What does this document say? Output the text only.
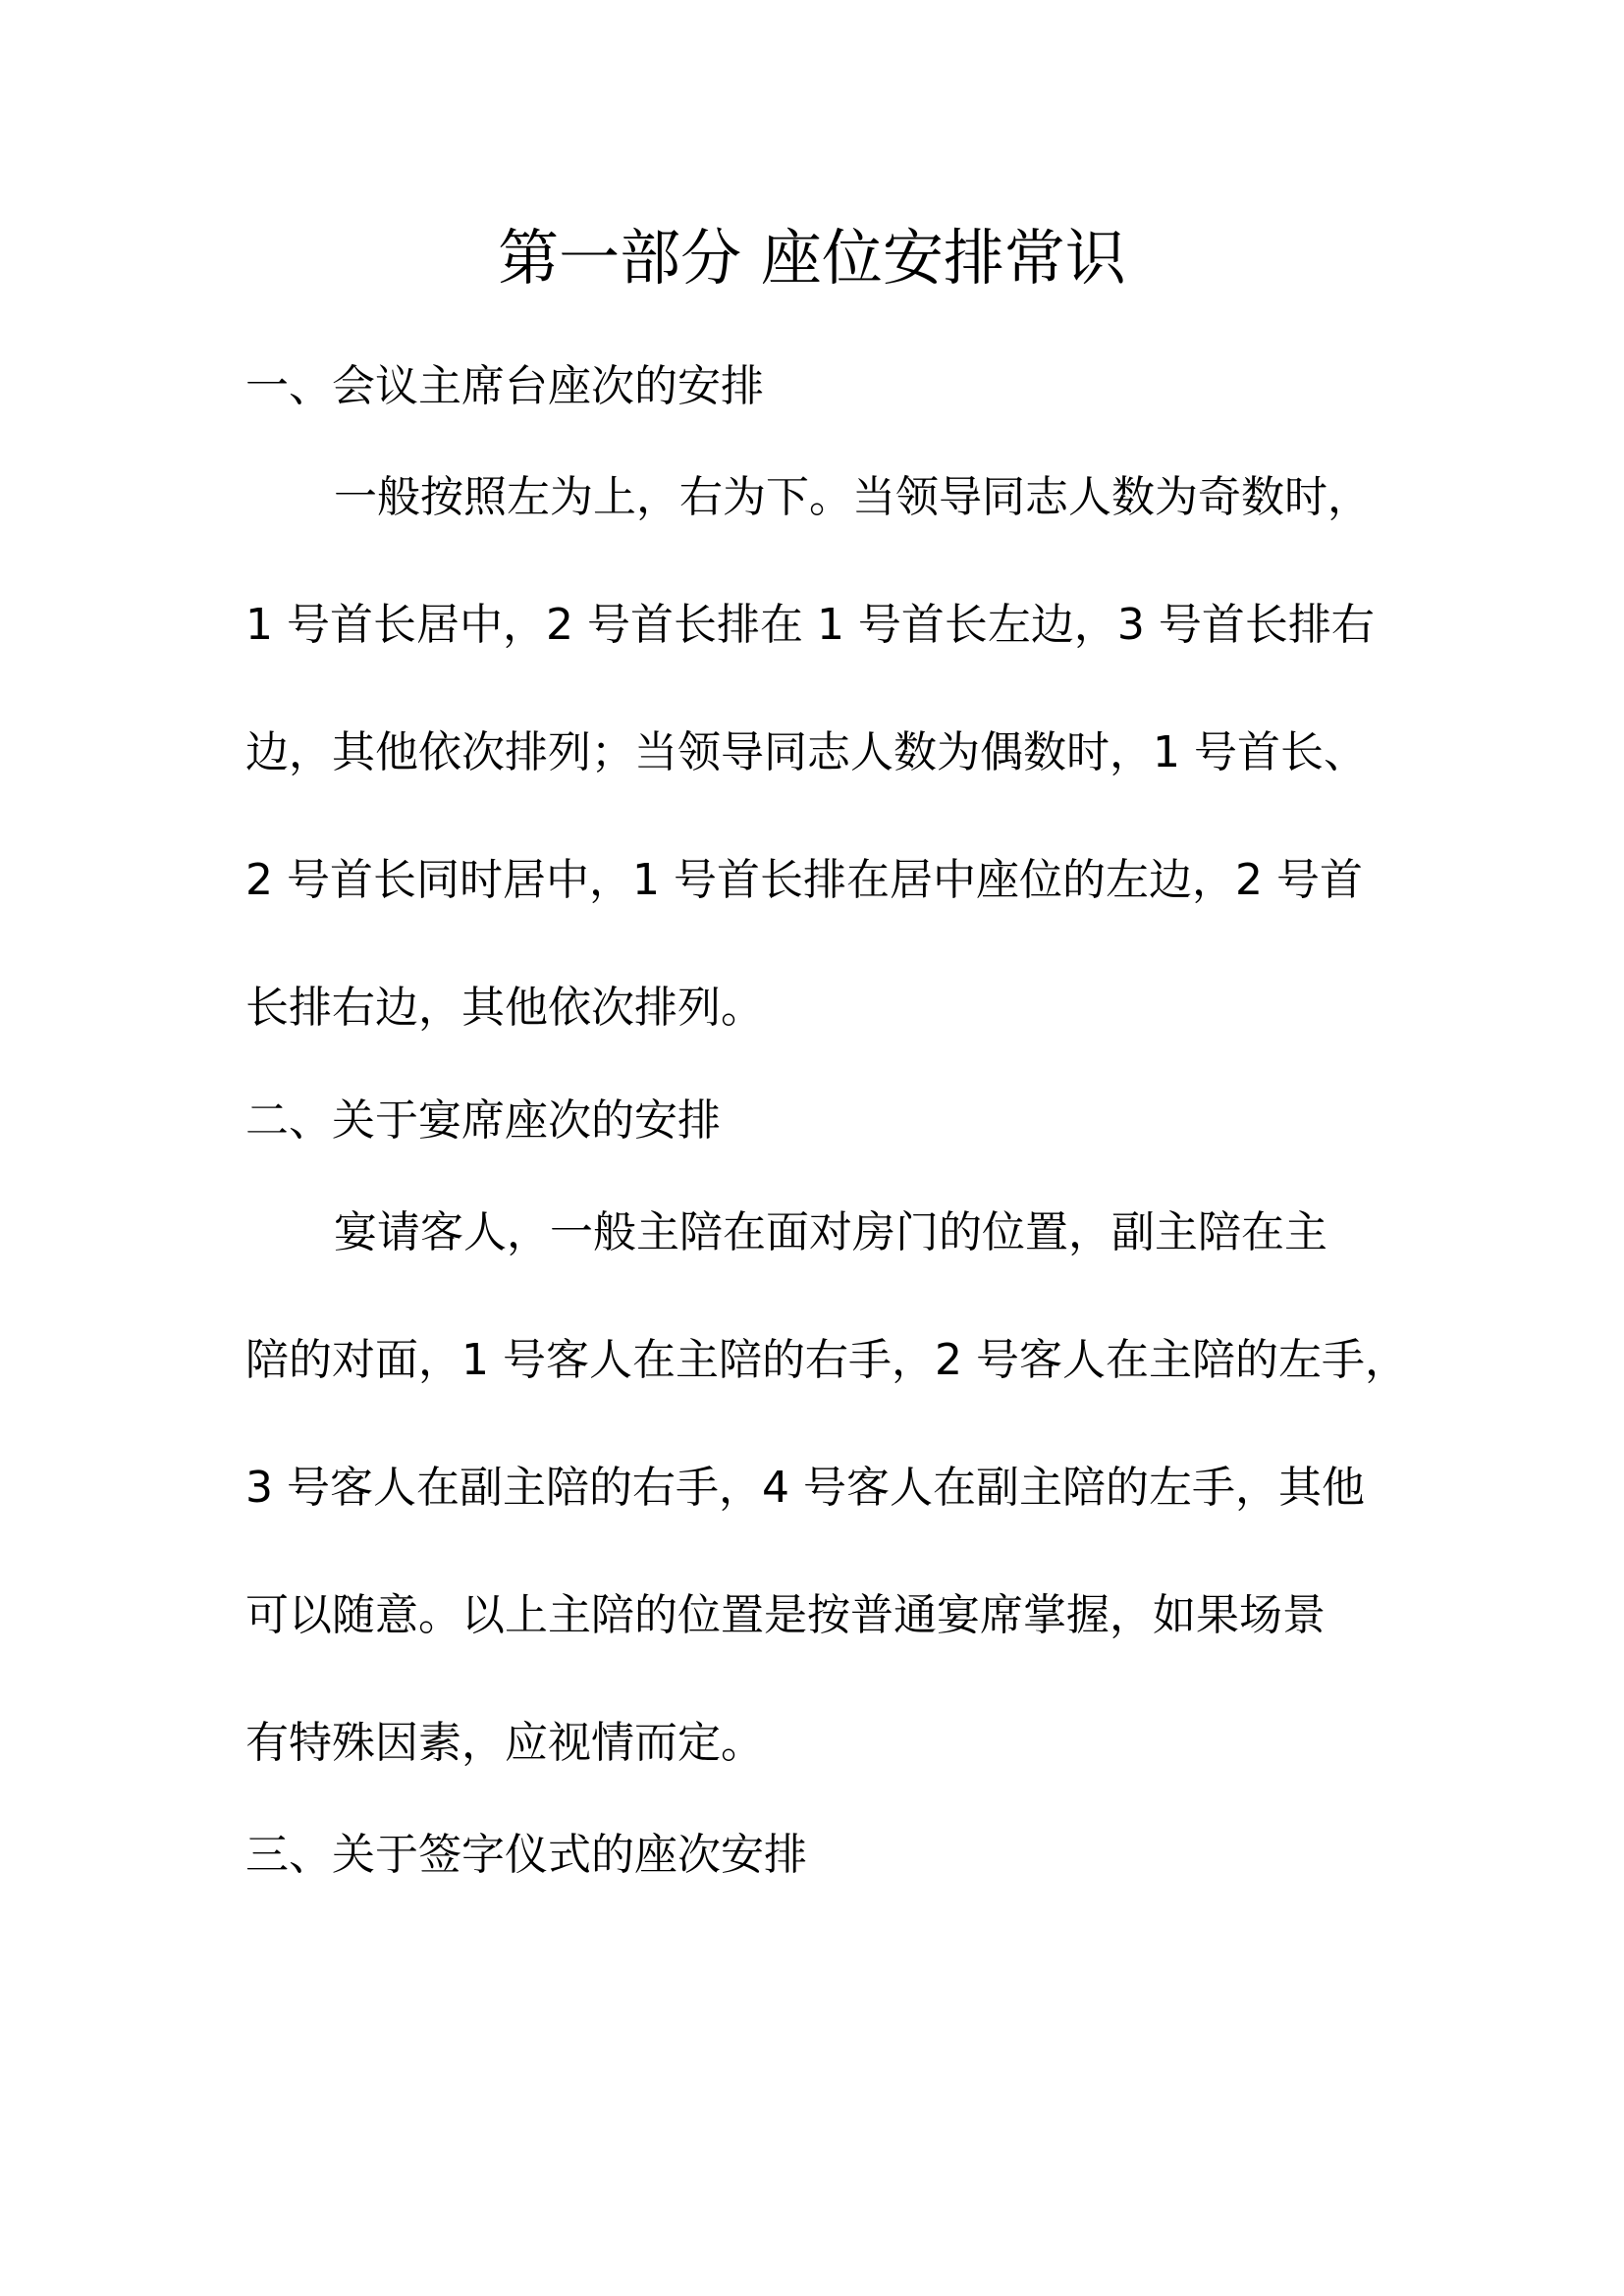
第一部分 座位安排常识
一、会议主席台座次的安排
一般按照左为上，右为下。当领导同志人数为奇数时，
1 号首长居中，2 号首长排在 1 号首长左边，3 号首长排右
边，其他依次排列；当领导同志人数为偶数时，1 号首长、
2 号首长同时居中，1 号首长排在居中座位的左边，2 号首
长排右边，其他依次排列。
二、关于宴席座次的安排
宴请客人，一般主陪在面对房门的位置，副主陪在主
陪的对面，1 号客人在主陪的右手，2 号客人在主陪的左手，
3 号客人在副主陪的右手，4 号客人在副主陪的左手，其他
可以随意。以上主陪的位置是按普通宴席掌握，如果场景
有特殊因素，应视情而定。
三、关于签字仪式的座次安排
